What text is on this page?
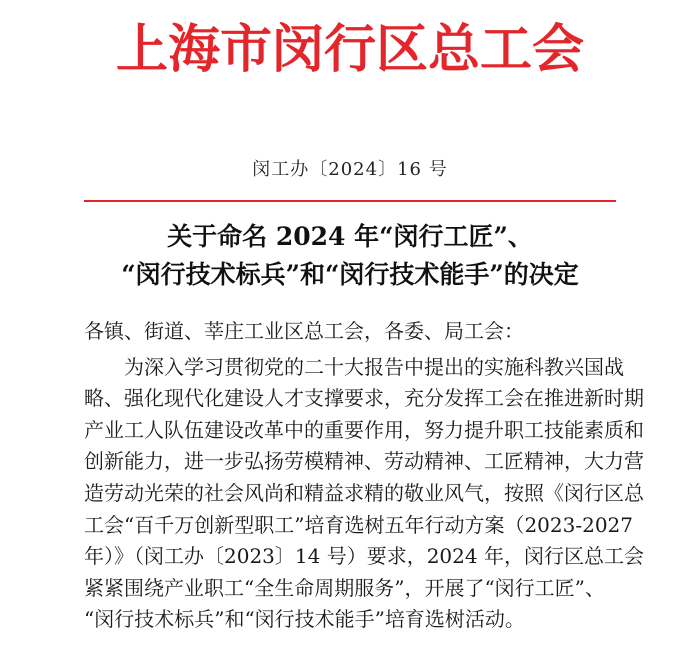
上海市闵行区总工会
闵工办〔2024〕16 号
关于命名 2024 年“闵行工匠”、
“闵行技术标兵”和“闵行技术能手”的决定
各镇、街道、莘庄工业区总工会，各委、局工会：
为深入学习贯彻党的二十大报告中提出的实施科教兴国战
略、强化现代化建设人才支撑要求，充分发挥工会在推进新时期
产业工人队伍建设改革中的重要作用，努力提升职工技能素质和
创新能力，进一步弘扬劳模精神、劳动精神、工匠精神，大力营
造劳动光荣的社会风尚和精益求精的敬业风气，按照《闵行区总
工会“百千万创新型职工”培育选树五年行动方案（2023-2027
年）》（闵工办〔2023〕14 号）要求，2024 年，闵行区总工会
紧紧围绕产业职工“全生命周期服务”，开展了“闵行工匠”、
“闵行技术标兵”和“闵行技术能手”培育选树活动。
